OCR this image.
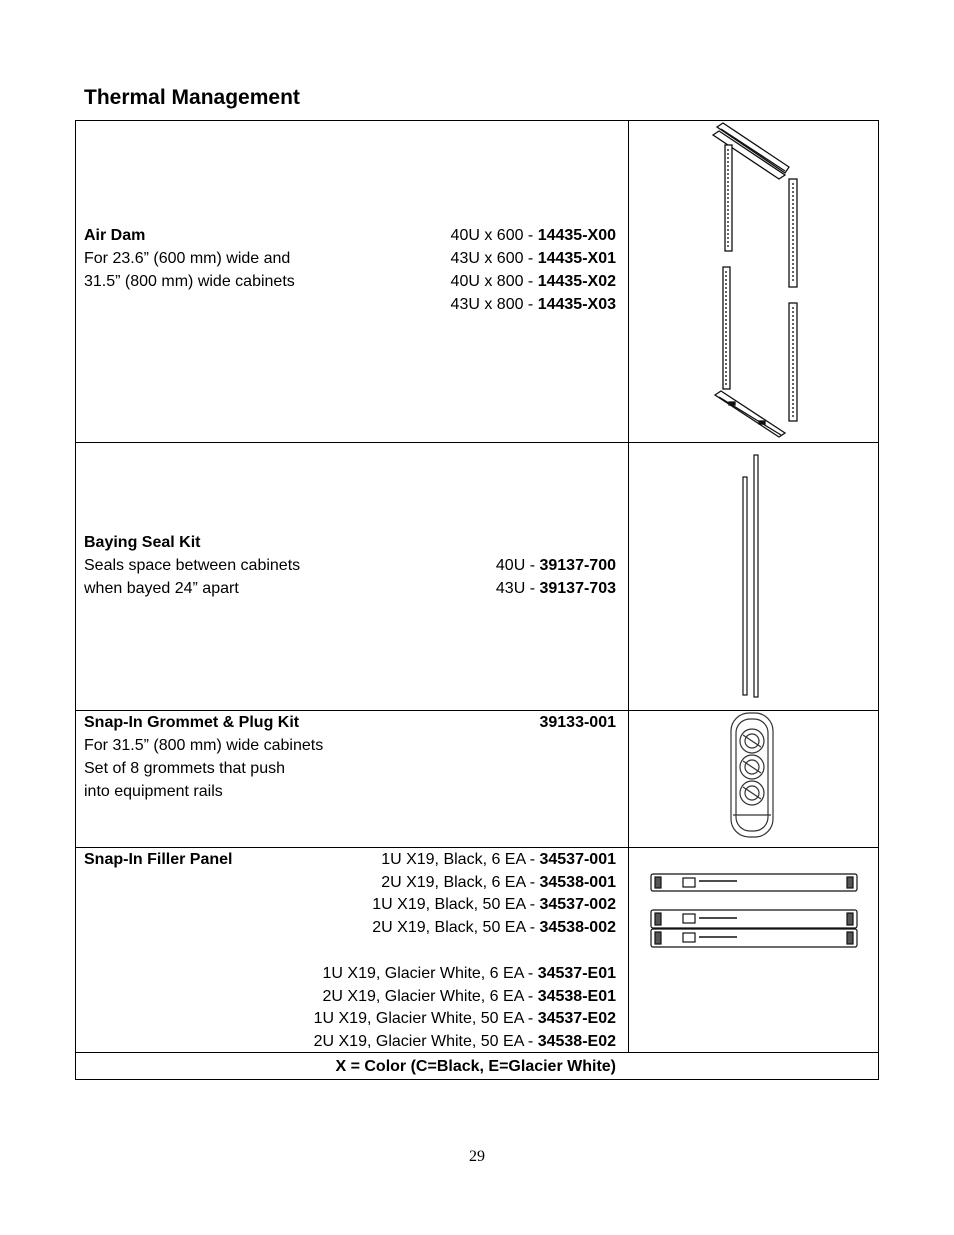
Thermal Management
Air Dam
For 23.6” (600 mm) wide and
31.5” (800 mm) wide cabinets
40U x 600 - 14435-X00
43U x 600 - 14435-X01
40U x 800 - 14435-X02
43U x 800 - 14435-X03
Baying Seal Kit
Seals space between cabinets
when bayed 24” apart
40U - 39137-700
43U - 39137-703
Snap-In Grommet & Plug Kit	39133-001
For 31.5” (800 mm) wide cabinets
Set of 8 grommets that push
into equipment rails
Snap-In Filler Panel	1U X19, Black, 6 EA - 34537-001
2U X19, Black, 6 EA - 34538-001
1U X19, Black, 50 EA - 34537-002
2U X19, Black, 50 EA - 34538-002
1U X19, Glacier White, 6 EA - 34537-E01
2U X19, Glacier White, 6 EA - 34538-E01
1U X19, Glacier White, 50 EA - 34537-E02
2U X19, Glacier White, 50 EA - 34538-E02
X = Color (C=Black, E=Glacier White)
29
